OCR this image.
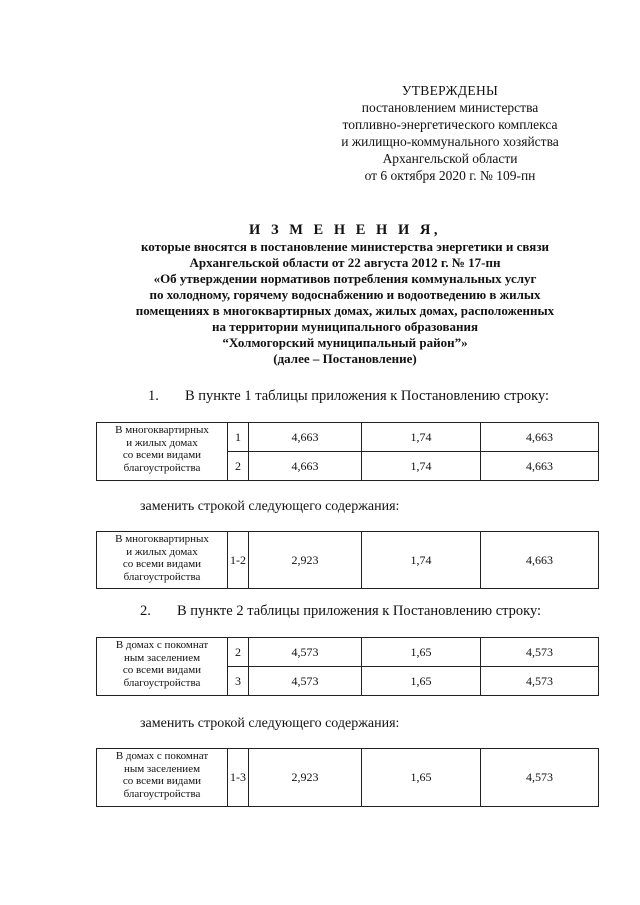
УТВЕРЖДЕНЫ
постановлением министерства
топливно-энергетического комплекса
и жилищно-коммунального хозяйства
Архангельской области
от 6 октября 2020 г. № 109-пн
И З М Е Н Е Н И Я,
которые вносятся в постановление министерства энергетики и связи
Архангельской области от 22 августа 2012 г. № 17-пн
«Об утверждении нормативов потребления коммунальных услуг
по холодному, горячему водоснабжению и водоотведению в жилых
помещениях в многоквартирных домах, жилых домах, расположенных
на территории муниципального образования
“Холмогорский муниципальный район”»
(далее – Постановление)
1. В пункте 1 таблицы приложения к Постановлению строку:
В многоквартирных
и жилых домах
со всеми видами
благоустройства	1	4,663	1,74	4,663
	2	4,663	1,74	4,663
заменить строкой следующего содержания:
В многоквартирных
и жилых домах
со всеми видами
благоустройства
	1-2	2,923	1,74	4,663
2. В пункте 2 таблицы приложения к Постановлению строку:
В домах с покомнат
ным заселением
со всеми видами
благоустройства	2	4,573	1,65	4,573
	3	4,573	1,65	4,573
заменить строкой следующего содержания:
В домах с покомнат
ным заселением
со всеми видами
благоустройства
	1-3	2,923	1,65	4,573
